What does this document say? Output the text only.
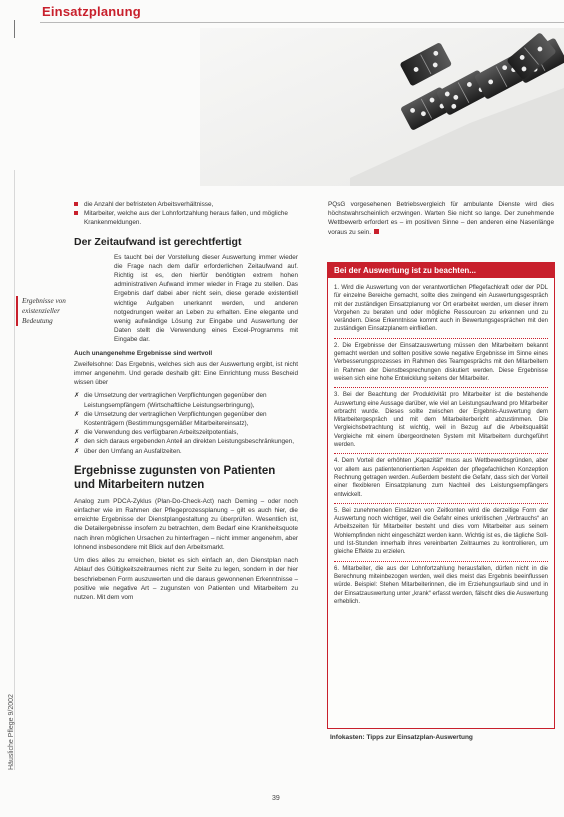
Einsatzplanung
Ergebnisse von existenzieller Bedeutung
die Anzahl der befristeten Arbeitsverhältnisse,
Mitarbeiter, welche aus der Lohnfortzahlung heraus fallen, und mögliche Krankenmeldungen.
Der Zeitaufwand ist gerechtfertigt

Es taucht bei der Vorstellung dieser Auswertung immer wieder die Frage nach dem dafür erforderlichen Zeitaufwand auf. Richtig ist es, den hierfür benötigten extrem hohen administrativen Aufwand immer wieder in Frage zu stellen. Das Ergebnis darf dabei aber nicht sein, diese gerade existentiell wichtige Aufgaben unerkannt werden, und anderen notgedrungen weiter an Leben zu erhalten. Eine elegante und wenig aufwändige Lösung zur Eingabe und Auswertung der Daten stellt die Verwendung eines Excel-Programms mit Eingabe dar.

Auch unangenehme Ergebnisse sind wertvoll

Zweifelsohne: Das Ergebnis, welches sich aus der Auswertung ergibt, ist nicht immer angenehm. Und gerade deshalb gilt: Eine Einrichtung muss Bescheid wissen über

✗ die Umsetzung der vertraglichen Verpflichtungen gegenüber den Leistungsempfängern (Wirtschaftliche Leistungserbringung),
✗ die Umsetzung der vertraglichen Verpflichtungen gegenüber den Kostenträgern (Bestimmungsgemäßer Mitarbeitereinsatz),
✗ die Verwendung des verfügbaren Arbeitszeitpotentials,
✗ den sich daraus ergebenden Anteil an direkten Leistungsbeschränkungen,
✗ über den Umfang an Ausfallzeiten.
Ergebnisse zugunsten von Patienten und Mitarbeitern nutzen

Analog zum PDCA-Zyklus (Plan-Do-Check-Act) nach Deming – oder noch einfacher wie im Rahmen der Pflegeprozessplanung – gilt es auch hier, die erreichte Ergebnisse der Dienstplangestaltung zu überprüfen. Wesentlich ist, die Detailergebnisse insofern zu betrachten, dem Bedarf eine Krankheitsquote nach ihren möglichen Ursachen zu hinterfragen – nicht immer angenehm, aber lohnend insbesondere mit Blick auf den Arbeitsmarkt.

Um dies alles zu erreichen, bietet es sich einfach an, den Dienstplan nach Ablauf des Gültigkeitszeitraumes nicht zur Seite zu legen, sondern in der hier beschriebenen Form auszuwerten und die daraus gewonnenen Erkenntnisse – positive wie negative Art – zugunsten von Patienten und Mitarbeitern zu nutzen. Mit dem vom

PQsG vorgesehenen Betriebsvergleich für ambulante Dienste wird dies höchstwahrscheinlich erzwingen. Warten Sie nicht so lange. Der zunehmende Wettbewerb erfordert es – im positiven Sinne – den anderen eine Nasenlänge voraus zu sein.

Bei der Auswertung ist zu beachten...
1. Wird die Auswertung von der verantwortlichen Pflegefachkraft oder der PDL für einzelne Bereiche gemacht, sollte dies zwingend ein Auswertungsgespräch mit der zuständigen Einsatzplanung vor Ort erarbeitet werden, um dieser ihrem Vorgehen zu beraten und oder mögliche Ressourcen zu erkennen und zu verändern. Diese Erkenntnisse kommt auch in Bewertungsgesprächen mit den zuständigen Einsatzplanern einfließen.
2. Die Ergebnisse der Einsatzauswertung müssen den Mitarbeitern bekannt gemacht werden und sollten positive sowie negative Ergebnisse im Sinne eines Verbesserungsprozesses im Rahmen des Teamgesprächs mit den Mitarbeitern in Rahmen der Dienstbesprechungen diskutiert werden. Diese Ergebnisse weisen sich eine hohe Entwicklung seitens der Mitarbeiter.
3. Bei der Beachtung der Produktivität pro Mitarbeiter ist die bestehende Auswertung eine Aussage darüber, wie viel an Leistungsaufwand pro Mitarbeiter erbracht wurde. Dieses sollte zwischen der Ergebnis-Auswertung dem Mitarbeitergespräch und mit dem Mitarbeiterbericht abzustimmen. Die Vergleichsbetrachtung ist wichtig, weil in Bezug auf die Arbeitsqualität Vergleiche mit einem übergeordneten System mit Mitarbeitern durchgeführt werden.
4. Dem Vorteil der erhöhten „Kapazität“ muss aus Wettbewerbsgründen, aber vor allem aus patientenorientierten Aspekten der pflegefachlichen Konzeption Rechnung getragen werden. Außerdem besteht die Gefahr, dass sich der Vorteil einer flexibleren Einsatzplanung zum Nachteil des Leistungsempfängers entwickelt.
5. Bei zunehmenden Einsätzen von Zeitkonten wird die derzeitige Form der Auswertung noch wichtiger, weil die Gefahr eines unkritischen „Verbrauchs“ an Arbeitszeiten für Mitarbeiter besteht und dies vom Mitarbeiter aus seinem Wohlempfinden nicht eingeschätzt werden kann. Wichtig ist es, die tägliche Soll- und Ist-Stunden innerhalb ihres vereinbarten Zeitraumes zu kontrollieren, um gleiche Effekte zu erzielen.
6. Mitarbeiter, die aus der Lohnfortzahlung herausfallen, dürfen nicht in die Berechnung miteinbezogen werden, weil dies meist das Ergebnis beeinflussen würde. Beispiel: Stehen Mitarbeiterinnen, die im Erziehungsurlaub sind und in der Einsatzauswertung unter „krank“ erfasst werden, fälscht dies die Auswertung erheblich.
Infokasten: Tipps zur Einsatzplan-Auswertung
Häusliche Pflege 9/2002
39
